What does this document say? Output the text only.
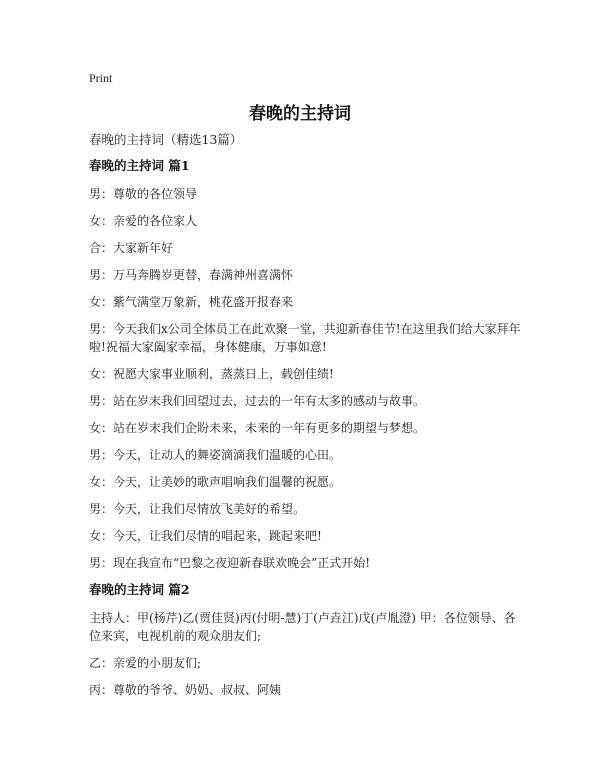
Print
春晚的主持词
春晚的主持词（精选13篇）
春晚的主持词 篇1
男：尊敬的各位领导
女：亲爱的各位家人
合：大家新年好
男：万马奔腾岁更替，春满神州喜满怀
女：紫气满堂万象新，桃花盛开报春来
男：今天我们x公司全体员工在此欢聚一堂，共迎新春佳节!在这里我们给大家拜年啦!祝福大家阖家幸福，身体健康，万事如意!
女：祝愿大家事业顺利，蒸蒸日上，载创佳绩!
男：站在岁末我们回望过去，过去的一年有太多的感动与故事。
女：站在岁末我们企盼未来，未来的一年有更多的期望与梦想。
男：今天，让动人的舞姿滴滴我们温暖的心田。
女：今天，让美妙的歌声唱响我们温馨的祝愿。
男：今天，让我们尽情放飞美好的希望。
女：今天，让我们尽情的唱起来，跳起来吧!
男：现在我宣布“巴黎之夜迎新春联欢晚会”正式开始!
春晚的主持词 篇2
主持人：甲(杨芹)乙(贾佳贤)丙(付明-慧)丁(卢垚江)戊(卢胤澄) 甲：各位领导、各位来宾，电视机前的观众朋友们;
乙：亲爱的小朋友们;
丙：尊敬的爷爷、奶奶、叔叔、阿姨
